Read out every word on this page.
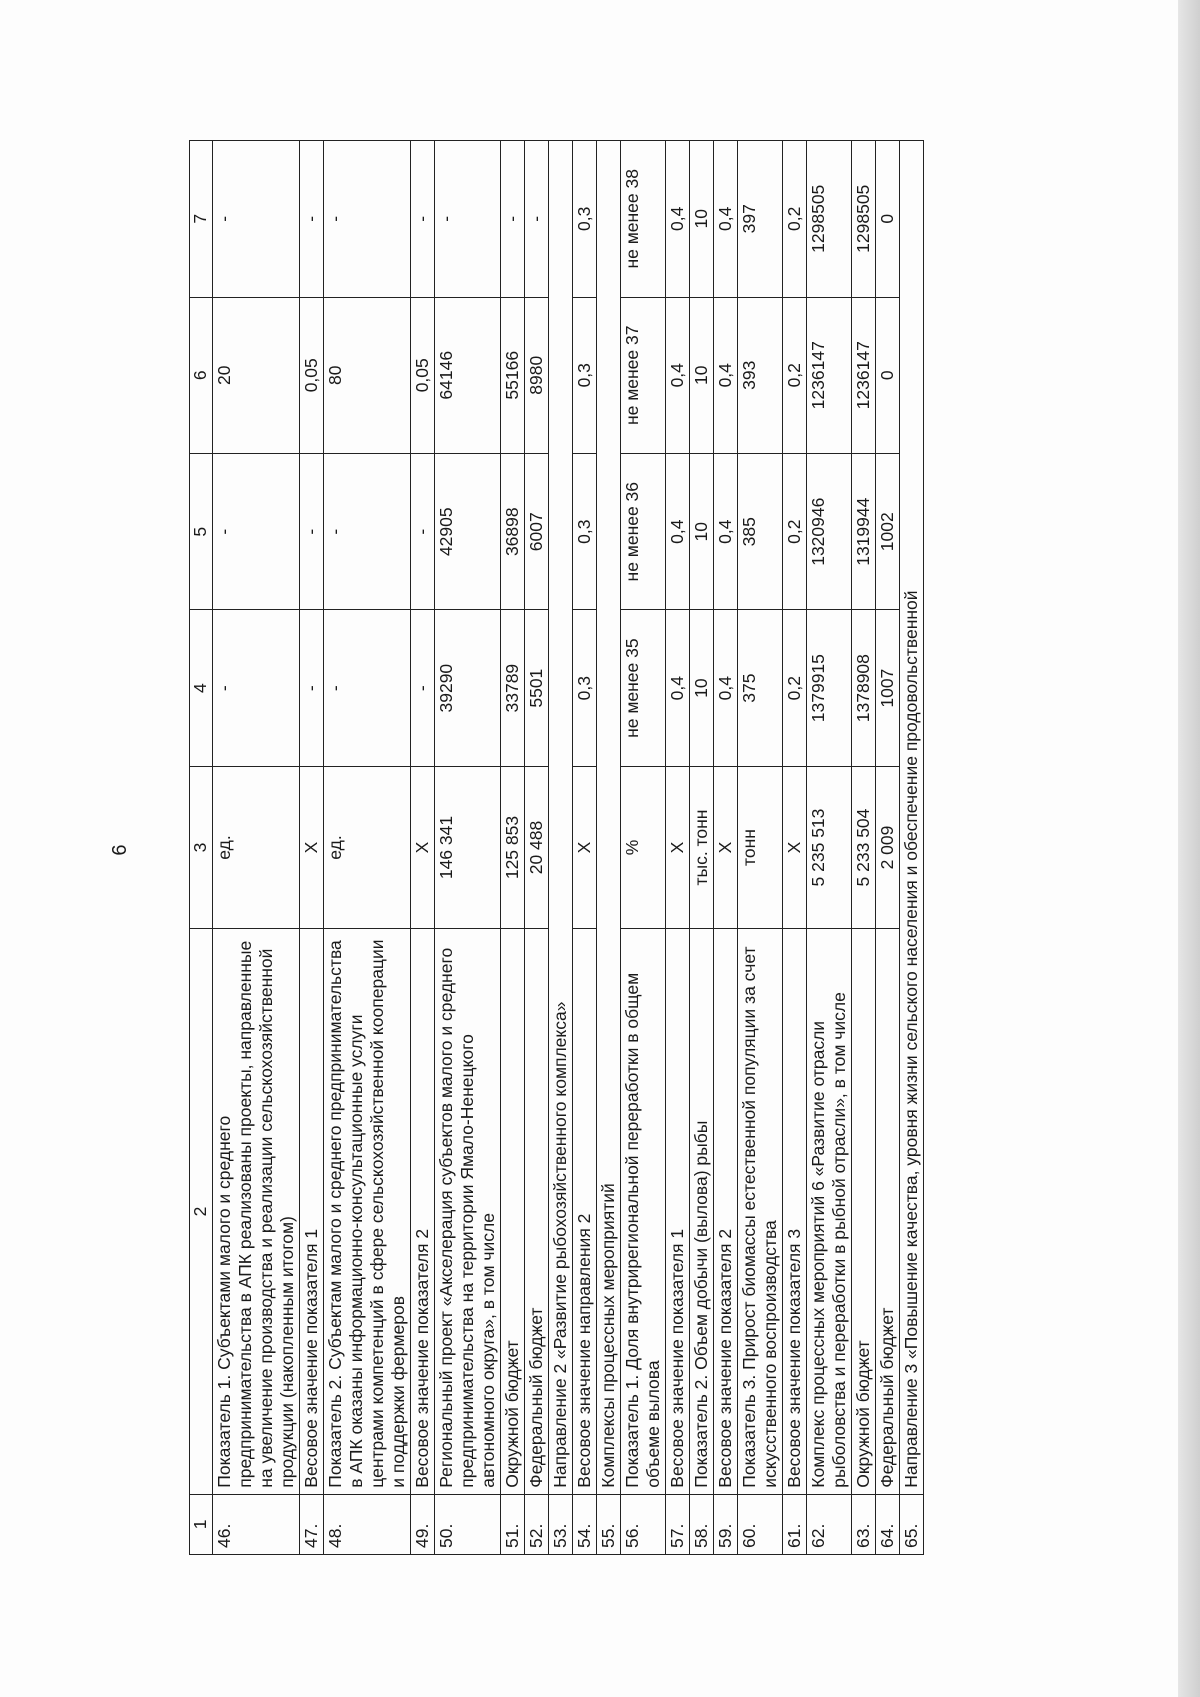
6
1	2	3	4	5	6	7
46.	Показатель 1. Субъектами малого и среднего предпринимательства в АПК реализованы проекты, направленные на увеличение производства и реализации сельскохозяйственной продукции (накопленным итогом)	ед.	-	-	20	-
47.	Весовое значение показателя 1	Х	-	-	0,05	-
48.	Показатель 2. Субъектам малого и среднего предпринимательства в АПК оказаны информационно-консультационные услуги центрами компетенций в сфере сельскохозяйственной кооперации и поддержки фермеров	ед.	-	-	80	-
49.	Весовое значение показателя 2	Х	-	-	0,05	-
50.	Региональный проект «Акселерация субъектов малого и среднего предпринимательства на территории Ямало-Ненецкого автономного округа», в том числе	146 341	39290	42905	64146	-
51.	Окружной бюджет	125 853	33789	36898	55166	-
52.	Федеральный бюджет	20 488	5501	6007	8980	-
53.	Направление 2 «Развитие рыбохозяйственного комплекса»					
54.	Весовое значение направления 2	Х	0,3	0,3	0,3	0,3
55.	Комплексы процессных мероприятий					
56.	Показатель 1. Доля внутрирегиональной переработки в общем объеме вылова	%	не менее 35	не менее 36	не менее 37	не менее 38
57.	Весовое значение показателя 1	Х	0,4	0,4	0,4	0,4
58.	Показатель 2. Объем добычи (вылова) рыбы	тыс. тонн	10	10	10	10
59.	Весовое значение показателя 2	Х	0,4	0,4	0,4	0,4
60.	Показатель 3. Прирост биомассы естественной популяции за счет искусственного воспроизводства	тонн	375	385	393	397
61.	Весовое значение показателя 3	Х	0,2	0,2	0,2	0,2
62.	Комплекс процессных мероприятий 6 «Развитие отрасли рыболовства и переработки в рыбной отрасли», в том числе	5 235 513	1379915	1320946	1236147	1298505
63.	Окружной бюджет	5 233 504	1378908	1319944	1236147	1298505
64.	Федеральный бюджет	2 009	1007	1002	0	0
65.	Направление 3 «Повышение качества, уровня жизни сельского населения и обеспечение продовольственной					
